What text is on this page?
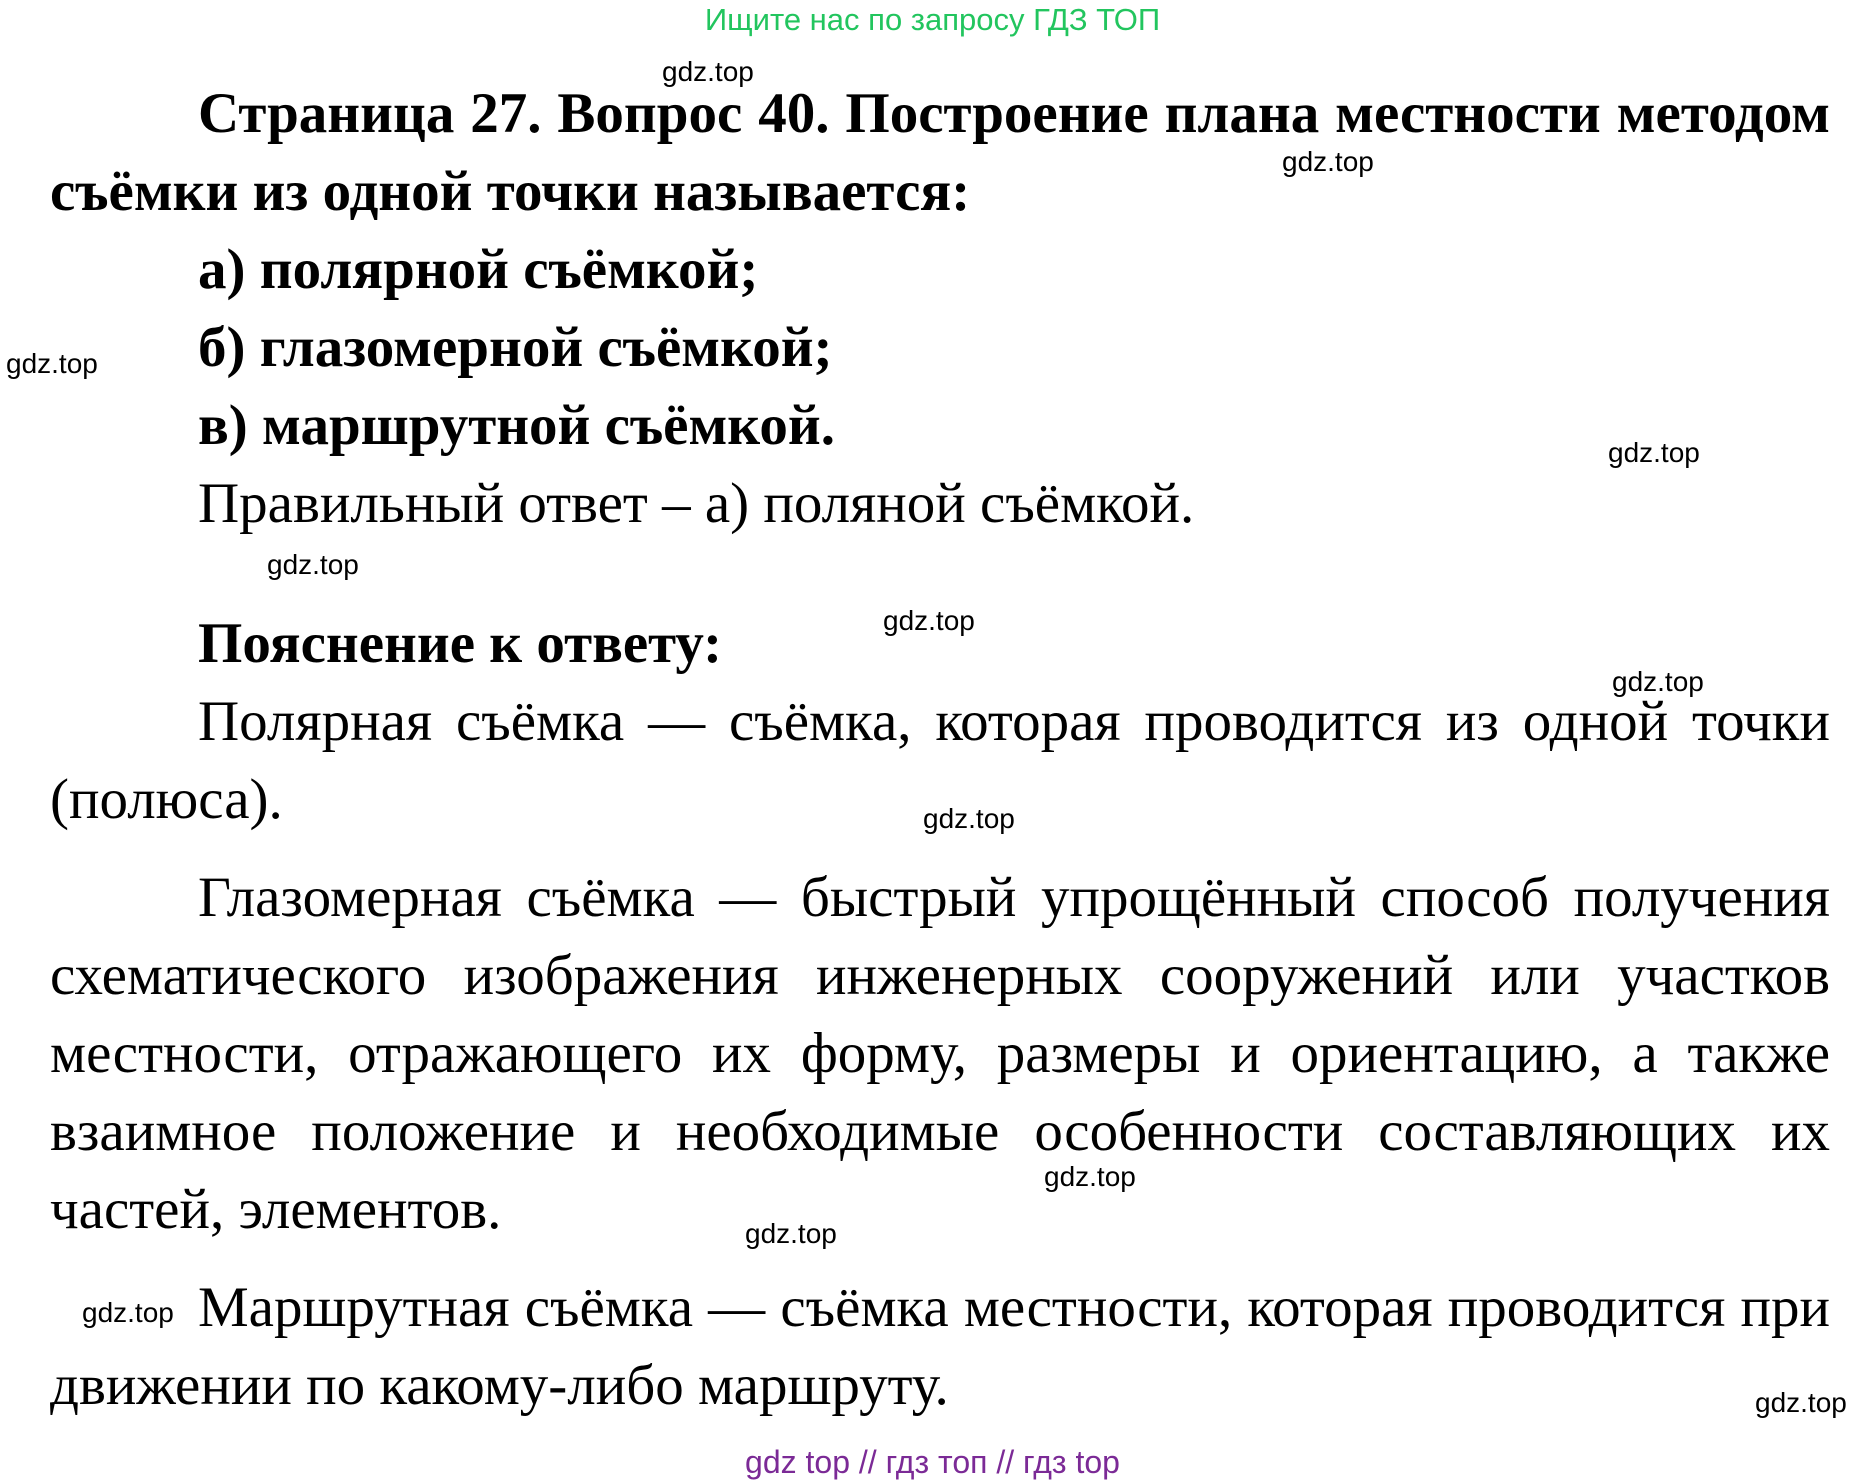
Ищите нас по запросу ГДЗ ТОП

Страница 27. Вопрос 40. Построение плана местности методом съёмки из одной точки называется:

а) полярной съёмкой;

б) глазомерной съёмкой;

в) маршрутной съёмкой.

Правильный ответ – а) поляной съёмкой.

Пояснение к ответу:

Полярная съёмка — съёмка, которая проводится из одной точки (полюса).

Глазомерная съёмка — быстрый упрощённый способ получения схематического изображения инженерных сооружений или участков местности, отражающего их форму, размеры и ориентацию, а также взаимное положение и необходимые особенности составляющих их частей, элементов.

Маршрутная съёмка — съёмка местности, которая проводится при движении по какому-либо маршруту.

gdz.top
gdz.top
gdz.top
gdz.top
gdz.top
gdz.top
gdz.top
gdz.top
gdz.top
gdz.top
gdz.top
gdz.top
gdz top // гдз топ // гдз top
